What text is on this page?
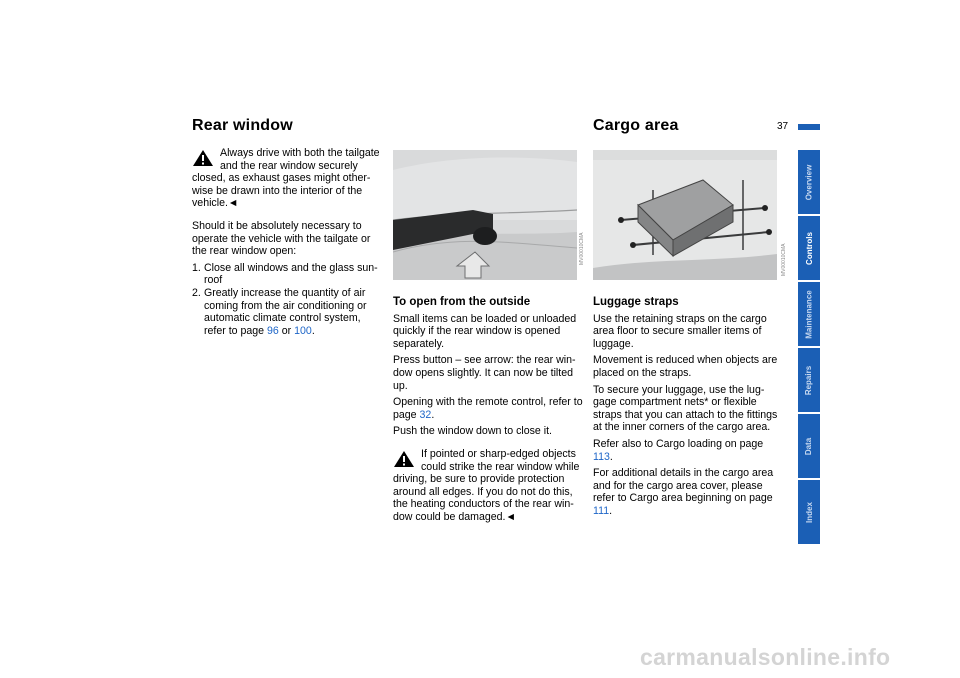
Rear window	Cargo area	37

Always drive with both the tailgate and the rear window securely closed, as exhaust gases might other-wise be drawn into the interior of the vehicle.◄

Should it be absolutely necessary to operate the vehicle with the tailgate or the rear window open:

1. Close all windows and the glass sun-roof
2. Greatly increase the quantity of air coming from the air conditioning or automatic climate control system, refer to page 96 or 100.
MV00010CMA
To open from the outside

Small items can be loaded or unloaded quickly if the rear window is opened separately.

Press button – see arrow: the rear win-dow opens slightly. It can now be tilted up.

Opening with the remote control, refer to page 32.

Push the window down to close it.

If pointed or sharp-edged objects could strike the rear window while driving, be sure to provide protection around all edges. If you do not do this, the heating conductors of the rear win-dow could be damaged.◄

MV00010CMA
Luggage straps

Use the retaining straps on the cargo area floor to secure smaller items of luggage.

Movement is reduced when objects are placed on the straps.

To secure your luggage, use the lug-gage compartment nets* or flexible straps that you can attach to the fittings at the inner corners of the cargo area.

Refer also to Cargo loading on page 113.

For additional details in the cargo area and for the cargo area cover, please refer to Cargo area beginning on page 111.

Overview
Controls
Maintenance
Repairs
Data
Index
carmanualsonline.info
